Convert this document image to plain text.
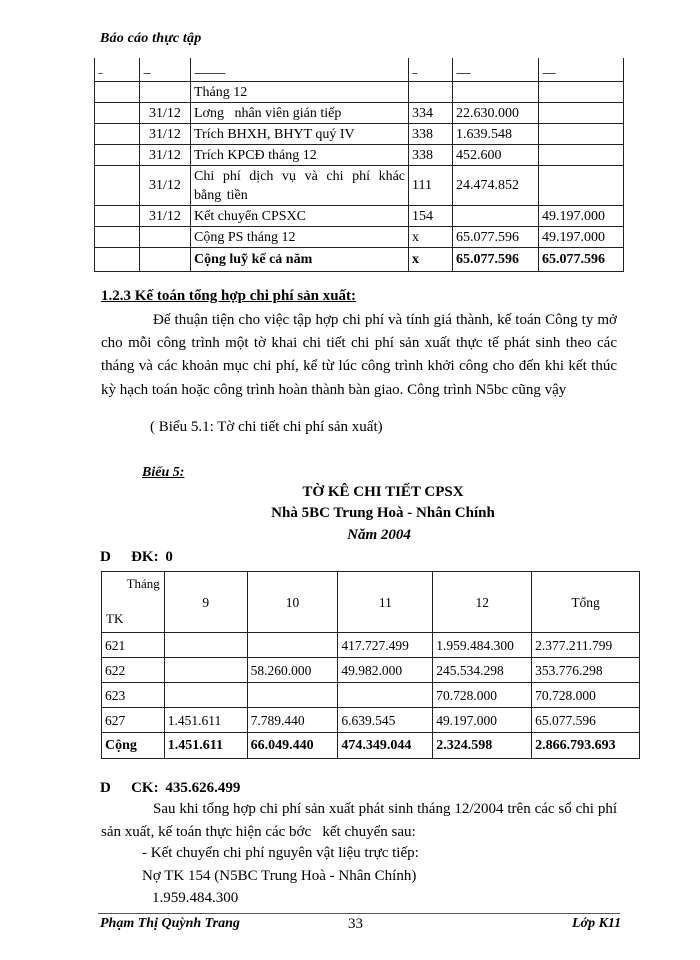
Báo cáo thực tập
....	.......	...............................	.....	..............	.............
		Tháng 12			
	31/12	Lơng   nhân viên gián tiếp	334	22.630.000	
	31/12	Trích BHXH, BHYT quý IV	338	1.639.548	
	31/12	Trích KPCĐ tháng 12	338	452.600	
	31/12	Chi phí dịch vụ và chi phí khác bằng tiền	111	24.474.852	
	31/12	Kết chuyển CPSXC	154		49.197.000
		Cộng PS tháng 12	x	65.077.596	49.197.000
		Cộng luỹ kế cả năm	x	65.077.596	65.077.596
1.2.3 Kế toán tổng hợp chi phí sản xuất:
Để thuận tiện cho việc tập hợp chi phí và tính giá thành, kế toán Công ty mở cho mỗi công trình một tờ khai chi tiết chi phí sản xuất thực tế phát sinh theo các tháng và các khoản mục chi phí, kể từ lúc công trình khởi công cho đến khi kết thúc kỳ hạch toán hoặc công trình hoàn thành bàn giao. Công trình N5bc cũng vậy
( Biểu 5.1: Tờ chi tiết chi phí sản xuất)
Biểu 5:
TỜ KÊ CHI TIẾT CPSX
Nhà 5BC Trung Hoà - Nhân Chính
Năm 2004
D   ĐK: 0
Tháng
TK	9	10	11	12	Tổng
621			417.727.499	1.959.484.300	2.377.211.799
622		58.260.000	49.982.000	245.534.298	353.776.298
623				70.728.000	70.728.000
627	1.451.611	7.789.440	6.639.545	49.197.000	65.077.596
Cộng	1.451.611	66.049.440	474.349.044	2.324.598	2.866.793.693
D   CK: 435.626.499
Sau khi tổng hợp chi phí sản xuất phát sinh tháng 12/2004 trên các sổ chi phí sản xuất, kế toán thực hiện các bớc   kết chuyển sau:
- Kết chuyển chi phí nguyên vật liệu trực tiếp:
Nợ TK 154 (N5BC Trung Hoà - Nhân Chính)
1.959.484.300
Phạm Thị Quỳnh Trang	33	Lớp K11
